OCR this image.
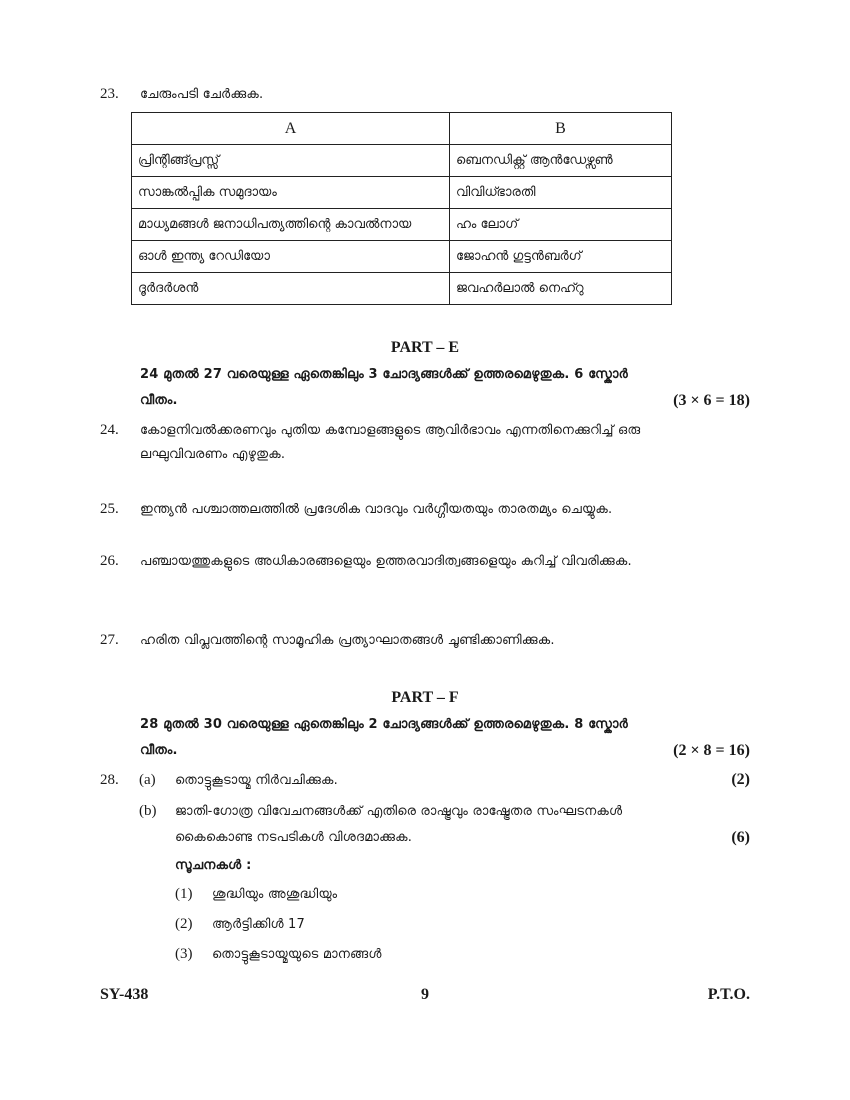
23. ചേരുംപടി ചേർക്കുക.
A	B
പ്രിന്റിങ്ങ്പ്രസ്സ്	ബെനഡിക്റ്റ് ആൻഡേഴ്സൺ
സാങ്കൽപ്പിക സമുദായം	വിവിധ്ഭാരതി
മാധ്യമങ്ങൾ ജനാധിപത്യത്തിന്റെ കാവൽനായ	ഹം ലോഗ്
ഓൾ ഇന്ത്യ റേഡിയോ	ജോഹൻ ഗുട്ടൻബർഗ്
ദൂർദർശൻ	ജവഹർലാൽ നെഹ്റു
PART – E
24 മുതൽ 27 വരെയുള്ള ഏതെങ്കിലും 3 ചോദ്യങ്ങൾക്ക് ഉത്തരമെഴുതുക. 6 സ്കോർ
വീതം.	(3 × 6 = 18)
24. കോളനിവൽക്കരണവും പുതിയ കമ്പോളങ്ങളുടെ ആവിർഭാവം എന്നതിനെക്കുറിച്ച് ഒരു
ലഘുവിവരണം എഴുതുക.
25. ഇന്ത്യൻ പശ്ചാത്തലത്തിൽ പ്രദേശിക വാദവും വർഗ്ഗീയതയും താരതമ്യം ചെയ്യുക.
26. പഞ്ചായത്തുകളുടെ അധികാരങ്ങളെയും ഉത്തരവാദിത്വങ്ങളെയും കുറിച്ച് വിവരിക്കുക.
27. ഹരിത വിപ്ലവത്തിന്റെ സാമൂഹിക പ്രത്യാഘാതങ്ങൾ ചൂണ്ടിക്കാണിക്കുക.
PART – F
28 മുതൽ 30 വരെയുള്ള ഏതെങ്കിലും 2 ചോദ്യങ്ങൾക്ക് ഉത്തരമെഴുതുക. 8 സ്കോർ
വീതം.	(2 × 8 = 16)
28. (a) തൊട്ടുകൂടായ്മ നിർവചിക്കുക.	(2)
(b) ജാതി-ഗോത്ര വിവേചനങ്ങൾക്ക് എതിരെ രാഷ്ട്രവും രാഷ്ട്രേതര സംഘടനകൾ
കൈകൊണ്ട നടപടികൾ വിശദമാക്കുക.	(6)
സൂചനകൾ :
(1) ശുദ്ധിയും അശുദ്ധിയും
(2) ആർട്ടിക്കിൾ 17
(3) തൊട്ടുകൂടായ്മയുടെ മാനങ്ങൾ
SY-438	9	P.T.O.
